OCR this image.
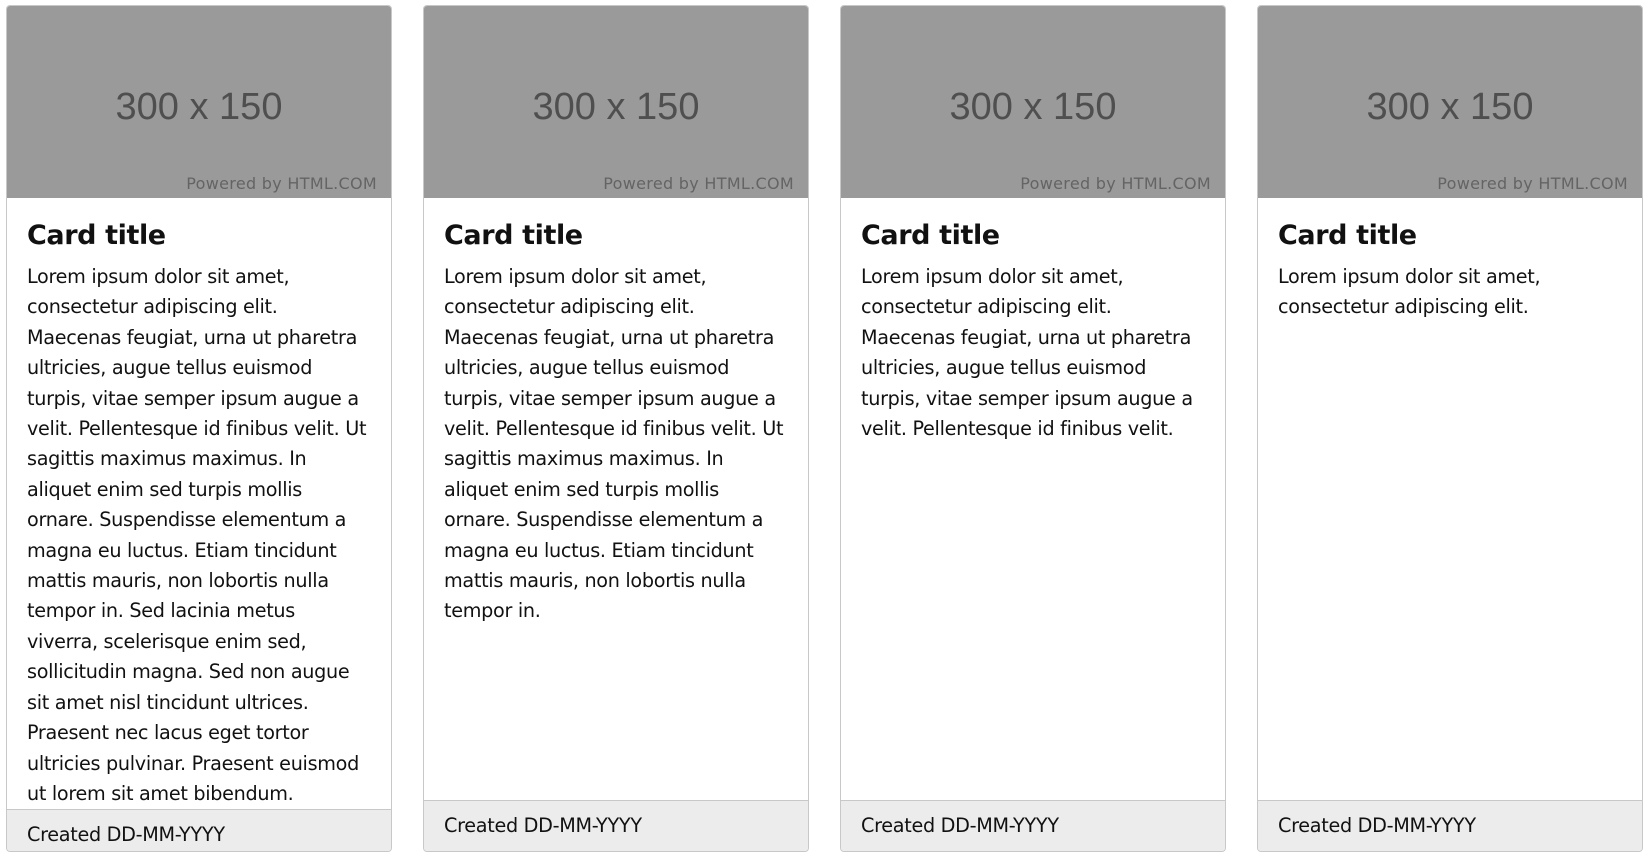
300 x 150
Powered by HTML.COM
Card title

Lorem ipsum dolor sit amet, consectetur adipiscing elit. Maecenas feugiat, urna ut pharetra ultricies, augue tellus euismod turpis, vitae semper ipsum augue a velit. Pellentesque id finibus velit. Ut sagittis maximus maximus. In aliquet enim sed turpis mollis ornare. Suspendisse elementum a magna eu luctus. Etiam tincidunt mattis mauris, non lobortis nulla tempor in. Sed lacinia metus viverra, scelerisque enim sed, sollicitudin magna. Sed non augue sit amet nisl tincidunt ultrices. Praesent nec lacus eget tortor ultricies pulvinar. Praesent euismod ut lorem sit amet bibendum.

Created DD-MM-YYYY
300 x 150
Powered by HTML.COM
Card title

Lorem ipsum dolor sit amet, consectetur adipiscing elit. Maecenas feugiat, urna ut pharetra ultricies, augue tellus euismod turpis, vitae semper ipsum augue a velit. Pellentesque id finibus velit. Ut sagittis maximus maximus. In aliquet enim sed turpis mollis ornare. Suspendisse elementum a magna eu luctus. Etiam tincidunt mattis mauris, non lobortis nulla tempor in.

Created DD-MM-YYYY
300 x 150
Powered by HTML.COM
Card title

Lorem ipsum dolor sit amet, consectetur adipiscing elit. Maecenas feugiat, urna ut pharetra ultricies, augue tellus euismod turpis, vitae semper ipsum augue a velit. Pellentesque id finibus velit.

Created DD-MM-YYYY
300 x 150
Powered by HTML.COM
Card title

Lorem ipsum dolor sit amet, consectetur adipiscing elit.

Created DD-MM-YYYY
